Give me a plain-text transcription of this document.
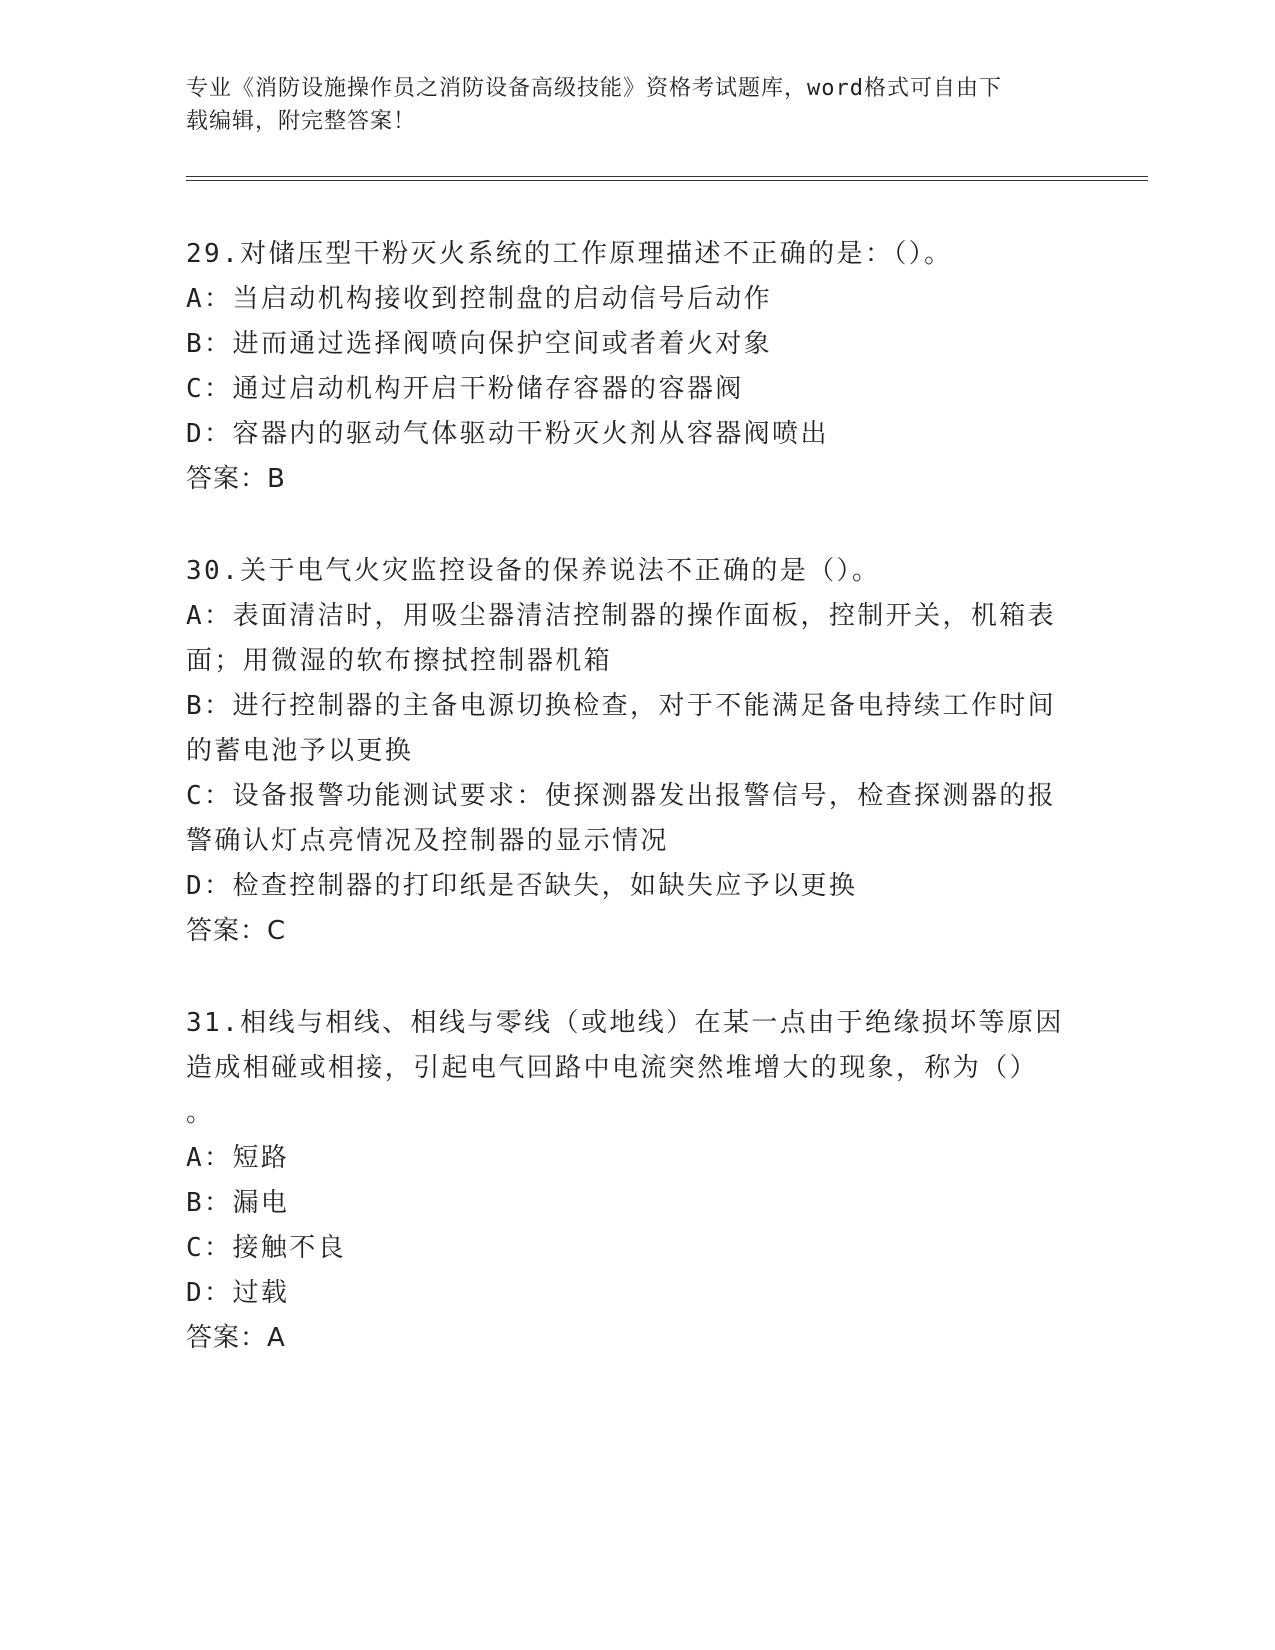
专业《消防设施操作员之消防设备高级技能》资格考试题库，word格式可自由下
载编辑，附完整答案！

29.对储压型干粉灭火系统的工作原理描述不正确的是：（）。

A：当启动机构接收到控制盘的启动信号后动作

B：进而通过选择阀喷向保护空间或者着火对象

C：通过启动机构开启干粉储存容器的容器阀

D：容器内的驱动气体驱动干粉灭火剂从容器阀喷出

答案：B

30.关于电气火灾监控设备的保养说法不正确的是（）。

A：表面清洁时，用吸尘器清洁控制器的操作面板，控制开关，机箱表

面；用微湿的软布擦拭控制器机箱

B：进行控制器的主备电源切换检查，对于不能满足备电持续工作时间

的蓄电池予以更换

C：设备报警功能测试要求：使探测器发出报警信号，检查探测器的报

警确认灯点亮情况及控制器的显示情况

D：检查控制器的打印纸是否缺失，如缺失应予以更换

答案：C

31.相线与相线、相线与零线（或地线）在某一点由于绝缘损坏等原因

造成相碰或相接，引起电气回路中电流突然堆增大的现象，称为（）

。

A：短路

B：漏电

C：接触不良

D：过载

答案：A
